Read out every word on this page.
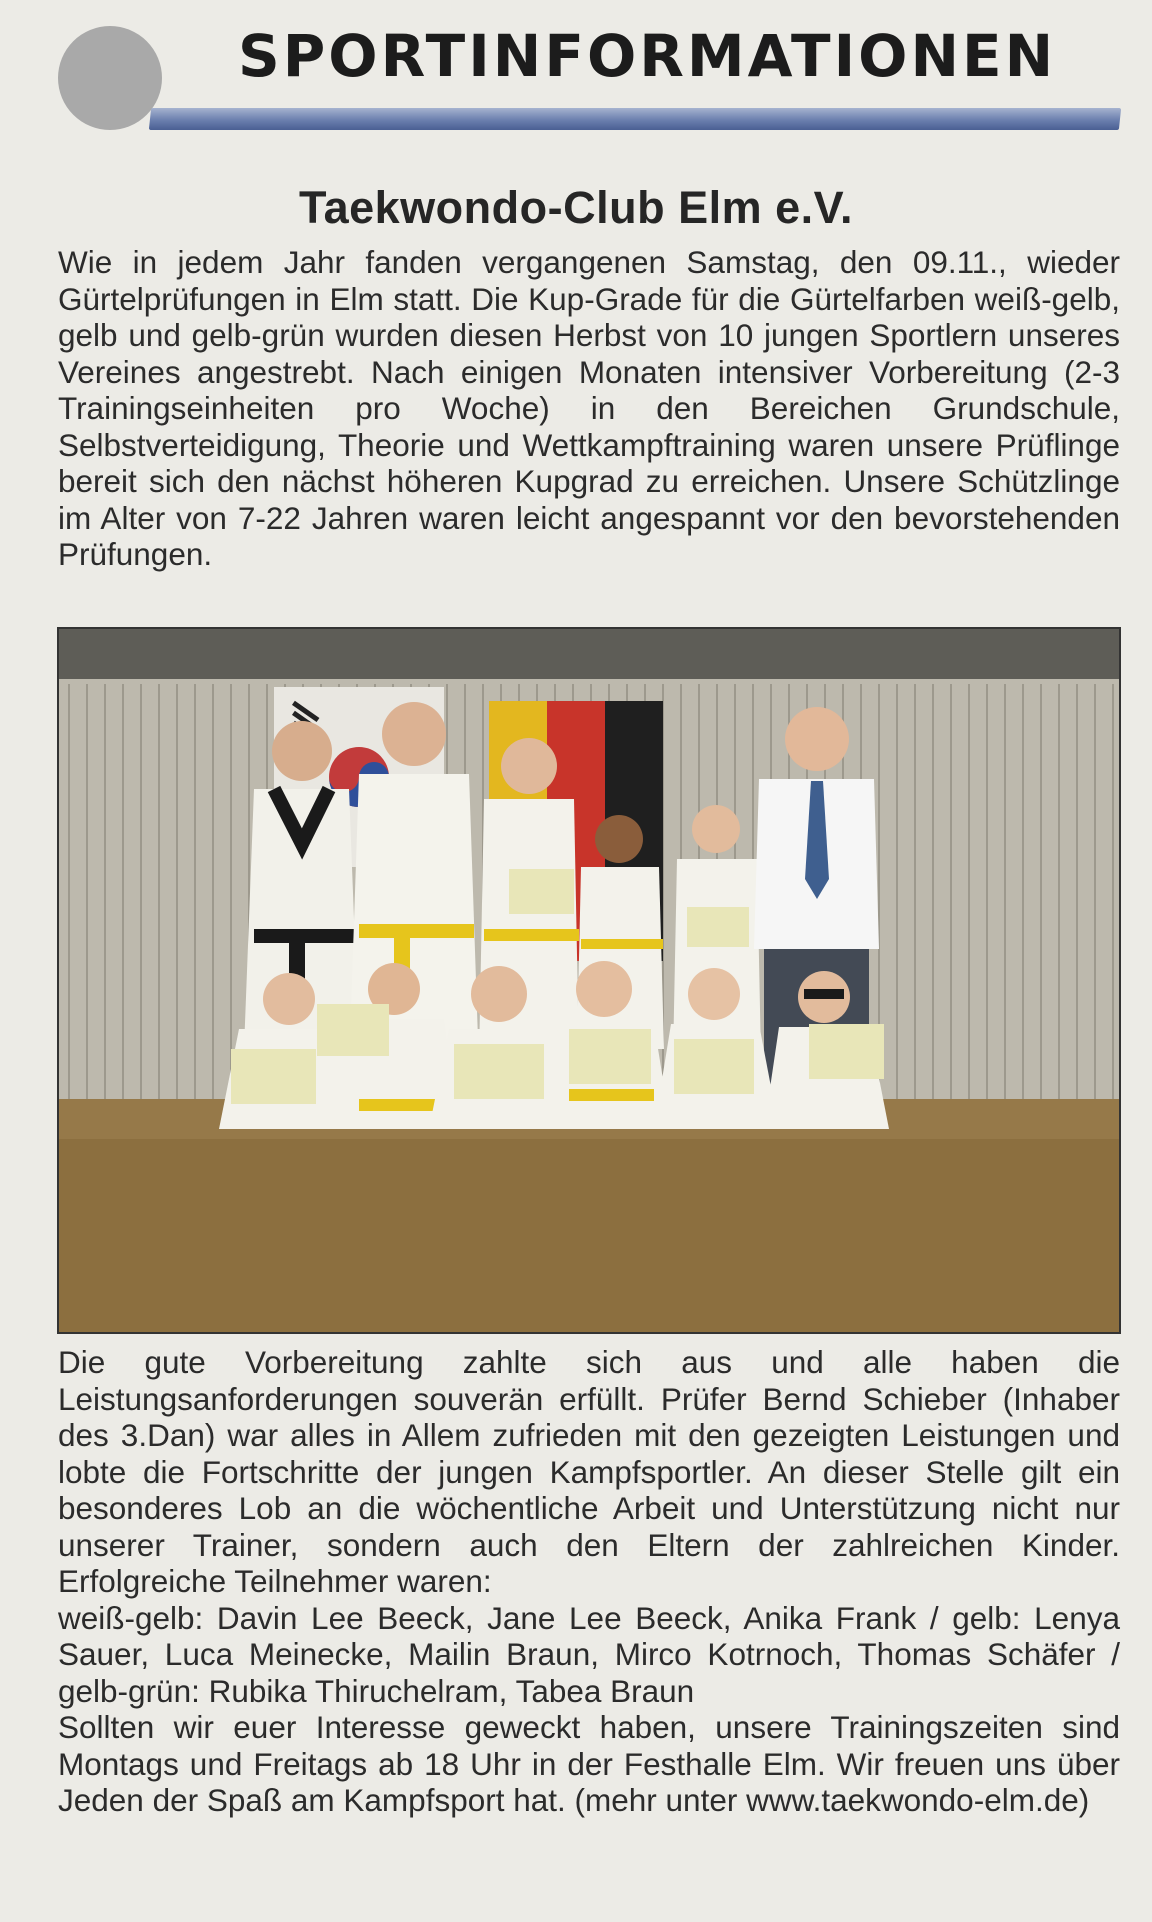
SPORTINFORMATIONEN
Taekwondo-Club Elm e.V.

Wie in jedem Jahr fanden vergangenen Samstag, den 09.11., wieder Gürtelprüfungen in Elm statt. Die Kup-Grade für die Gürtelfarben weiß-gelb, gelb und gelb-grün wurden diesen Herbst von 10 jungen Sportlern unseres Vereines angestrebt. Nach einigen Monaten intensiver Vorbereitung (2-3 Trainingseinheiten pro Woche) in den Bereichen Grundschule, Selbstverteidigung, Theorie und Wettkampftraining waren unsere Prüflinge bereit sich den nächst höheren Kupgrad zu erreichen. Unsere Schützlinge im Alter von 7-22 Jahren waren leicht angespannt vor den bevorstehenden Prüfungen.

Die gute Vorbereitung zahlte sich aus und alle haben die Leistungsanforderungen souverän erfüllt. Prüfer Bernd Schieber (Inhaber des 3.Dan) war alles in Allem zufrieden mit den gezeigten Leistungen und lobte die Fortschritte der jungen Kampfsportler. An dieser Stelle gilt ein besonderes Lob an die wöchentliche Arbeit und Unterstützung nicht nur unserer Trainer, sondern auch den Eltern der zahlreichen Kinder. Erfolgreiche Teilnehmer waren:

weiß-gelb: Davin Lee Beeck, Jane Lee Beeck, Anika Frank / gelb: Lenya Sauer, Luca Meinecke, Mailin Braun, Mirco Kotrnoch, Thomas Schäfer / gelb-grün: Rubika Thiruchelram, Tabea Braun

Sollten wir euer Interesse geweckt haben, unsere Trainingszeiten sind Montags und Freitags ab 18 Uhr in der Festhalle Elm. Wir freuen uns über Jeden der Spaß am Kampfsport hat. (mehr unter www.taekwondo-elm.de)
